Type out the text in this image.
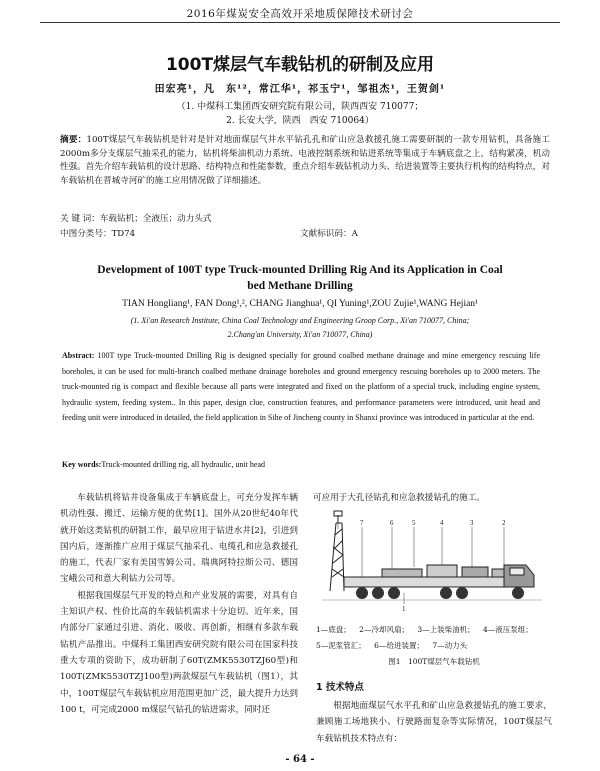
2016年煤炭安全高效开采地质保障技术研讨会
100T煤层气车载钻机的研制及应用
田宏亮¹，凡　东¹²，常江华¹，祁玉宁¹，邹祖杰¹，王贺剑¹
（1. 中煤科工集团西安研究院有限公司，陕西西安 710077；
2. 长安大学，陕西　西安 710064）
摘要：100T煤层气车载钻机是针对是针对地面煤层气井水平钻孔孔和矿山应急救援孔施工需要研制的一款专用钻机，具备施工2000m多分支煤层气抽采孔的能力，钻机将柴油机动力系统、电液控制系统和钻进系统等集成于车辆底盘之上，结构紧凑，机动性强。首先介绍车载钻机的设计思路、结构特点和性能参数，重点介绍车载钻机动力头、给进装置等主要执行机构的结构特点，对车载钻机在晋城寺河矿的施工应用情况做了详细描述。
关 键 词：车载钻机；全液压；动力头式
中图分类号：TD74	文献标识码：A
Development of 100T type Truck-mounted Drilling Rig And its Application in Coal
bed Methane Drilling
TIAN Hongliang¹, FAN Dong¹,², CHANG Jianghua¹, QI Yuning¹,ZOU Zujie¹,WANG Hejian¹
(1. Xi'an Research Institute, China Coal Technology and Engineering Groop Corp., Xi'an 710077, China;
2.Chang'an University, Xi'an 710077, China)
Abstract: 100T type Truck-mounted Drilling Rig is designed specially for ground coalbed methane drainage and mine emergency rescuing life boreholes, it can be used for multi-branch coalbed methane drainage boreholes and ground emergency rescuing boreholes up to 2000 meters. The truck-mounted rig is compact and flexible because all parts were integrated and fixed on the platform of a special truck, including engine system, hydraulic system, feeding system.. In this paper, design clue, construction features, and performance parameters were introduced, unit head and feeding unit were introduced in detailed, the field application in Sihe of Jincheng county in Shanxi province was introduced in particular at the end.
Key words:Truck-mounted drilling rig, all hydraulic, unit head

车载钻机将钻井设备集成于车辆底盘上，可充分发挥车辆机动性强、搬迁、运输方便的优势[1]。国外从20世纪40年代就开始这类钻机的研制工作，最早应用于钻进水井[2]，引进到国内后，逐渐推广应用于煤层气抽采孔、电缆孔和应急救援孔的施工，代表厂家有美国雪姆公司、瑞典阿特拉斯公司、德国宝峨公司和意大利钻力公司等。

根据我国煤层气开发的特点和产业发展的需要，对具有自主知识产权、性价比高的车载钻机需求十分迫切。近年来，国内部分厂家通过引进、消化、吸收、再创新，相继有多款车载钻机产品推出。中煤科工集团西安研究院有限公司在国家科技重大专项的资助下，成功研制了60T(ZMK5530TZJ60型)和100T(ZMK5530TZJ100型)两款煤层气车载钻机（图1），其中，100T煤层气车载钻机应用范围更加广泛，最大提升力达到100 t，可完成2000 m煤层气钻孔的钻进需求，同时还

可应用于大孔径钻孔和应急救援钻孔的施工。
7	6	5	4	3	2
1
1—底盘； 2—冷却风扇； 3—上装柴油机； 4—液压泵组；
5—泥浆管汇； 6—给进装置； 7—动力头
图1　100T煤层气车载钻机
1 技术特点
根据地面煤层气水平孔和矿山应急救援钻孔的施工要求，兼顾施工场地狭小、行驶路面复杂等实际情况，100T煤层气车载钻机技术特点有：
- 64 -
